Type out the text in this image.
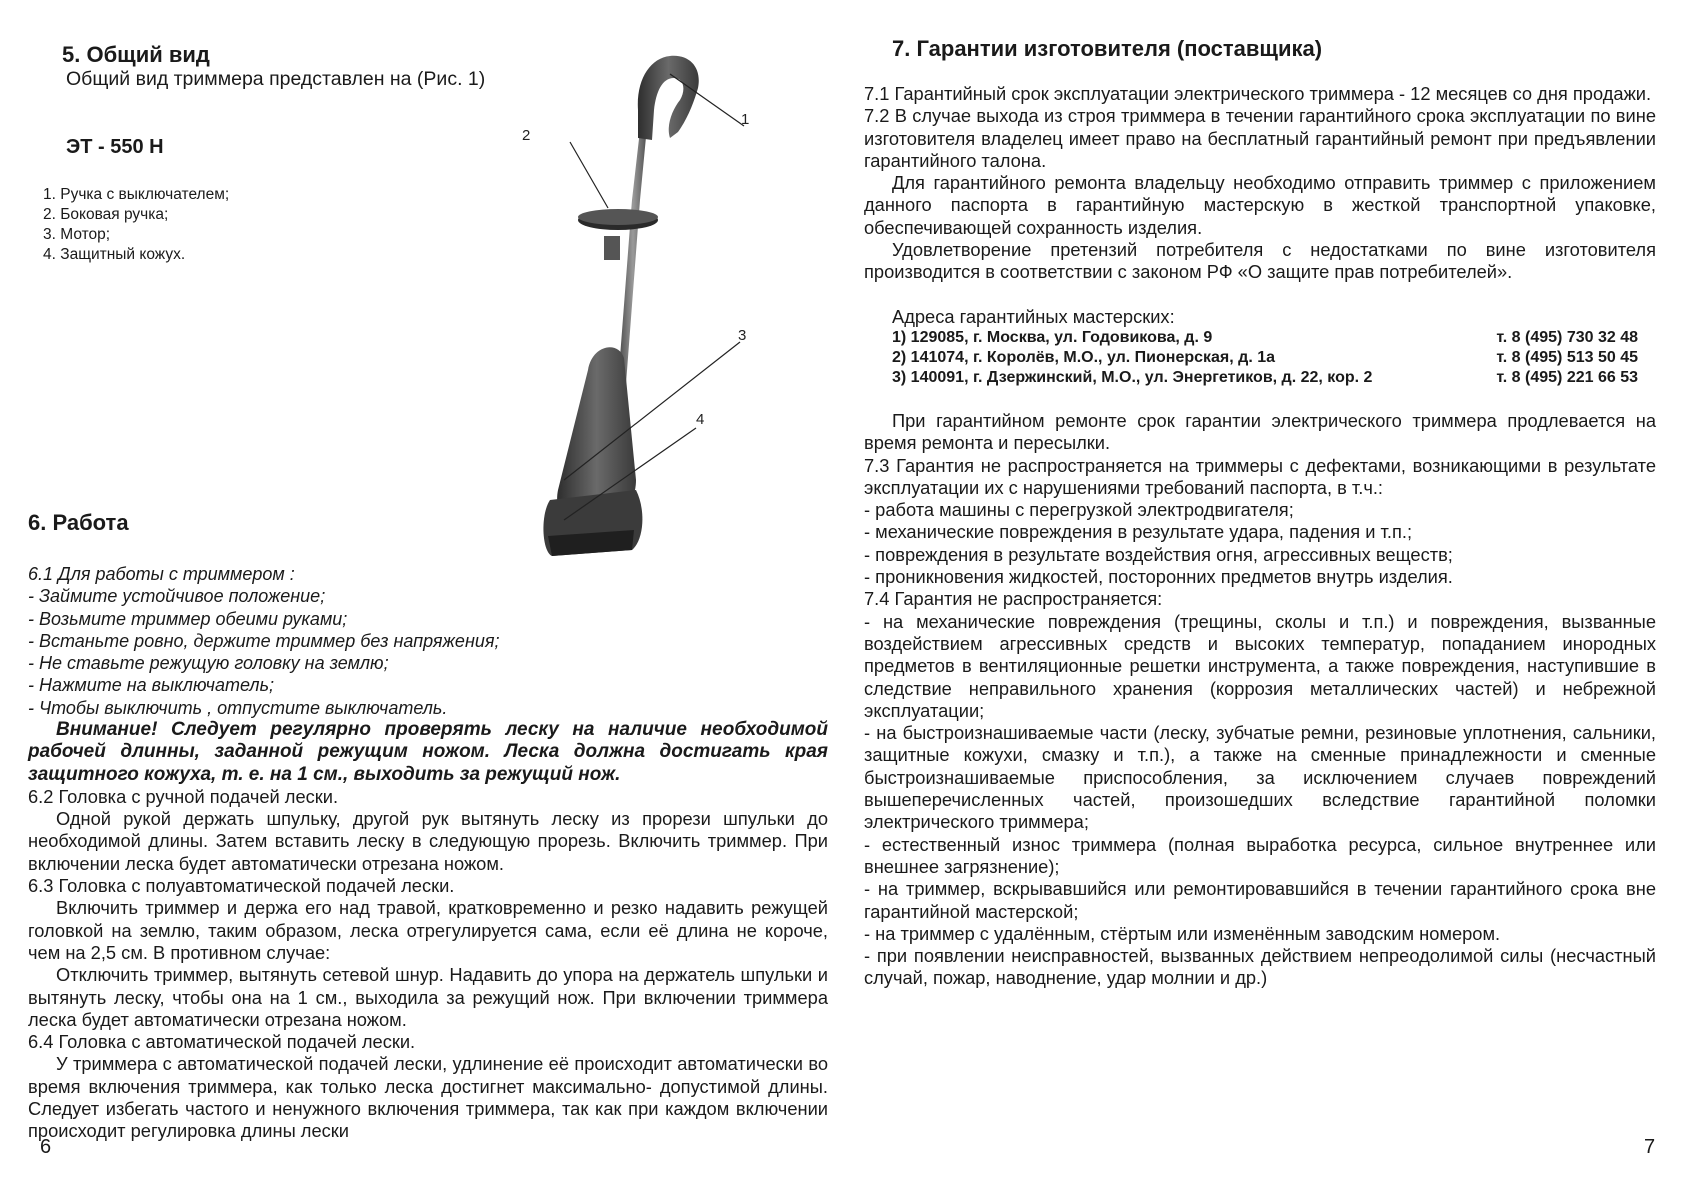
5. Общий вид
Общий вид триммера представлен на (Рис. 1)
ЭТ - 550 Н
1. Ручка с выключателем;
2. Боковая ручка;
3. Мотор;
4. Защитный кожух.
1
2
3
4
6. Работа
6.1 Для работы с триммером :
- Займите устойчивое положение;
- Возьмите триммер обеими руками;
- Встаньте ровно, держите триммер без напряжения;
- Не ставьте режущую головку на землю;
- Нажмите на выключатель;
- Чтобы выключить , отпустите выключатель.
Внимание! Следует регулярно проверять леску на наличие необходимой рабочей длинны, заданной режущим ножом. Леска должна достигать края защитного кожуха, т. е. на 1 см., выходить за режущий нож.
6.2 Головка с ручной подачей лески.
Одной рукой держать шпульку, другой рук вытянуть леску из прорези шпульки до необходимой длины. Затем вставить леску в следующую прорезь. Включить триммер. При включении леска будет автоматически отрезана ножом.
6.3 Головка с полуавтоматической подачей лески.
Включить триммер и держа его над травой, кратковременно и резко надавить режущей головкой на землю, таким образом, леска отрегулируется сама, если её длина не короче, чем на 2,5 см. В противном случае:
Отключить триммер, вытянуть сетевой шнур. Надавить до упора на держатель шпульки и вытянуть леску, чтобы она на 1 см., выходила за режущий нож. При включении триммера леска будет автоматически отрезана ножом.
6.4 Головка с автоматической подачей лески.
У триммера с автоматической подачей лески, удлинение её происходит автоматически во время включения триммера, как только леска достигнет максимально- допустимой длины. Следует избегать частого и ненужного включения триммера, так как при каждом включении происходит регулировка длины лески
6
7. Гарантии изготовителя (поставщика)
7.1 Гарантийный срок эксплуатации электрического триммера - 12 месяцев со дня продажи.
7.2 В случае выхода из строя триммера в течении гарантийного срока эксплуатации по вине изготовителя владелец имеет право на бесплатный гарантийный ремонт при предъявлении гарантийного талона.
Для гарантийного ремонта владельцу необходимо отправить триммер с приложением данного паспорта в гарантийную мастерскую в жесткой транспортной упаковке, обеспечивающей сохранность изделия.
Удовлетворение претензий потребителя с недостатками по вине изготовителя производится в соответствии с законом РФ «О защите прав потребителей».
Адреса гарантийных мастерских:
1) 129085, г. Москва, ул. Годовикова, д. 9	т. 8 (495) 730 32 48
2) 141074, г. Королёв, М.О., ул. Пионерская, д. 1а	т. 8 (495) 513 50 45
3) 140091, г. Дзержинский, М.О., ул. Энергетиков, д. 22, кор. 2	т. 8 (495) 221 66 53
При гарантийном ремонте срок гарантии электрического триммера продлевается на время ремонта и пересылки.
7.3 Гарантия не распространяется на триммеры с дефектами, возникающими в результате эксплуатации их с нарушениями требований паспорта, в т.ч.:
- работа машины с перегрузкой электродвигателя;
- механические повреждения в результате удара, падения и т.п.;
- повреждения в результате воздействия огня, агрессивных веществ;
- проникновения жидкостей, посторонних предметов внутрь изделия.
7.4 Гарантия не распространяется:
- на механические повреждения (трещины, сколы и т.п.) и повреждения, вызванные воздействием агрессивных средств и высоких температур, попаданием инородных предметов в вентиляционные решетки инструмента, а также повреждения, наступившие в следствие неправильного хранения (коррозия металлических частей) и небрежной эксплуатации;
- на быстроизнашиваемые части (леску, зубчатые ремни, резиновые уплотнения, сальники, защитные кожухи, смазку и т.п.), а также на сменные принадлежности и сменные быстроизнашиваемые приспособления, за исключением случаев повреждений вышеперечисленных частей, произошедших вследствие гарантийной поломки электрического триммера;
- естественный износ триммера (полная выработка ресурса, сильное внутреннее или внешнее загрязнение);
- на триммер, вскрывавшийся или ремонтировавшийся в течении гарантийного срока вне гарантийной мастерской;
- на триммер с удалённым, стёртым или изменённым заводским номером.
- при появлении неисправностей, вызванных действием непреодолимой силы (несчастный случай, пожар, наводнение, удар молнии и др.)
7
